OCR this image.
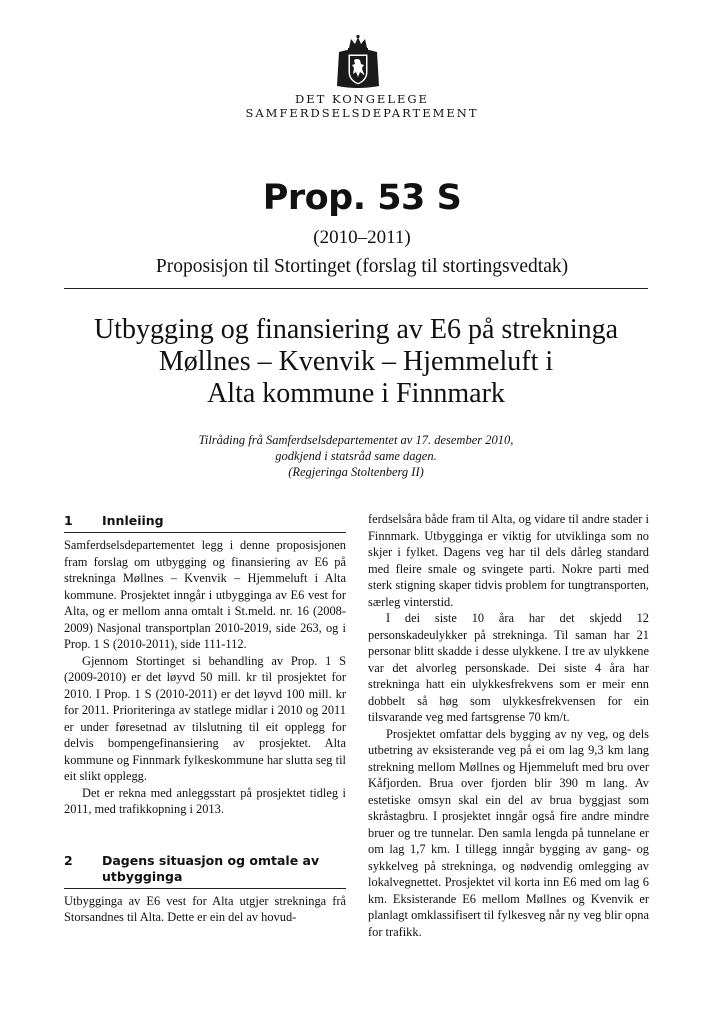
DET KONGELEGE
SAMFERDSELSDEPARTEMENT
Prop. 53 S
(2010–2011)
Proposisjon til Stortinget (forslag til stortingsvedtak)
Utbygging og finansiering av E6 på strekninga
Møllnes – Kvenvik – Hjemmeluft i
Alta kommune i Finnmark
Tilråding frå Samferdselsdepartementet av 17. desember 2010,
godkjend i statsråd same dagen.
(Regjeringa Stoltenberg II)
1 Innleiing

Samferdselsdepartementet legg i denne proposisjonen fram forslag om utbygging og finansiering av E6 på strekninga Møllnes – Kvenvik – Hjemmeluft i Alta kommune. Prosjektet inngår i utbygginga av E6 vest for Alta, og er mellom anna omtalt i St.meld. nr. 16 (2008-2009) Nasjonal transportplan 2010-2019, side 263, og i Prop. 1 S (2010-2011), side 111-112.

Gjennom Stortinget si behandling av Prop. 1 S (2009-2010) er det løyvd 50 mill. kr til prosjektet for 2010. I Prop. 1 S (2010-2011) er det løyvd 100 mill. kr for 2011. Prioriteringa av statlege midlar i 2010 og 2011 er under føresetnad av tilslutning til eit opplegg for delvis bompengefinansiering av prosjektet. Alta kommune og Finnmark fylkeskommune har slutta seg til eit slikt opplegg.

Det er rekna med anleggsstart på prosjektet tidleg i 2011, med trafikkopning i 2013.

2 Dagens situasjon og omtale av utbygginga

Utbygginga av E6 vest for Alta utgjer strekninga frå Storsandnes til Alta. Dette er ein del av hovud-

ferdselsåra både fram til Alta, og vidare til andre stader i Finnmark. Utbygginga er viktig for utviklinga som no skjer i fylket. Dagens veg har til dels dårleg standard med fleire smale og svingete parti. Nokre parti med sterk stigning skaper tidvis problem for tungtransporten, særleg vinterstid.

I dei siste 10 åra har det skjedd 12 personskadeulykker på strekninga. Til saman har 21 personar blitt skadde i desse ulykkene. I tre av ulykkene var det alvorleg personskade. Dei siste 4 åra har strekninga hatt ein ulykkesfrekvens som er meir enn dobbelt så høg som ulykkesfrekvensen for ein tilsvarande veg med fartsgrense 70 km/t.

Prosjektet omfattar dels bygging av ny veg, og dels utbetring av eksisterande veg på ei om lag 9,3 km lang strekning mellom Møllnes og Hjemmeluft med bru over Kåfjorden. Brua over fjorden blir 390 m lang. Av estetiske omsyn skal ein del av brua byggjast som skråstagbru. I prosjektet inngår også fire andre mindre bruer og tre tunnelar. Den samla lengda på tunnelane er om lag 1,7 km. I tillegg inngår bygging av gang- og sykkelveg på strekninga, og nødvendig omlegging av lokalvegnettet. Prosjektet vil korta inn E6 med om lag 6 km. Eksisterande E6 mellom Møllnes og Kvenvik er planlagt omklassifisert til fylkesveg når ny veg blir opna for trafikk.
